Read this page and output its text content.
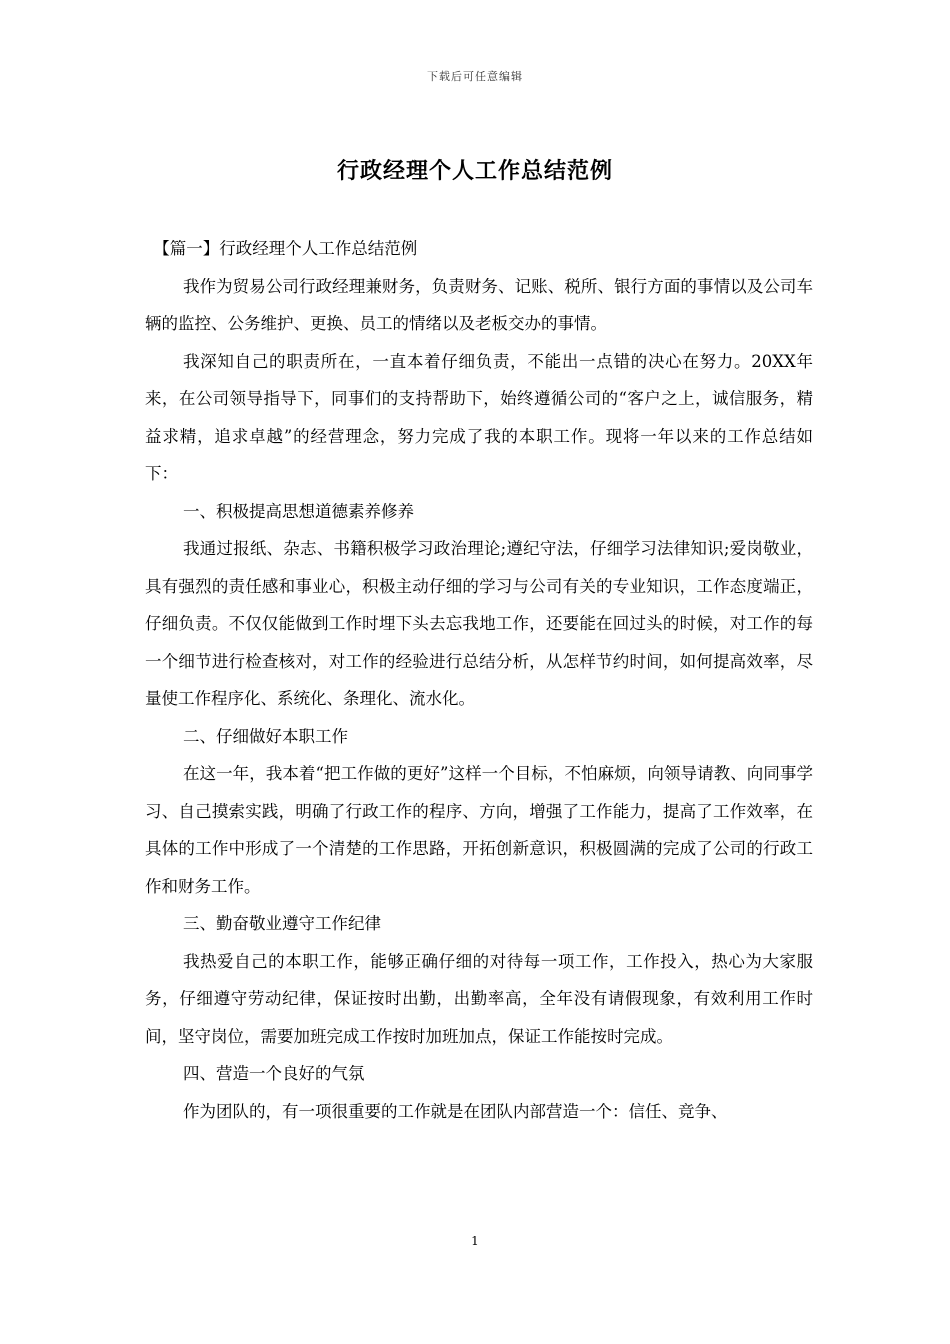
下载后可任意编辑
行政经理个人工作总结范例

【篇一】行政经理个人工作总结范例

我作为贸易公司行政经理兼财务，负责财务、记账、税所、银行方面的事情以及公司车辆的监控、公务维护、更换、员工的情绪以及老板交办的事情。

我深知自己的职责所在，一直本着仔细负责，不能出一点错的决心在努力。20XX年来，在公司领导指导下，同事们的支持帮助下，始终遵循公司的“客户之上，诚信服务，精益求精，追求卓越”的经营理念，努力完成了我的本职工作。现将一年以来的工作总结如下：

一、积极提高思想道德素养修养

我通过报纸、杂志、书籍积极学习政治理论;遵纪守法，仔细学习法律知识;爱岗敬业，具有强烈的责任感和事业心，积极主动仔细的学习与公司有关的专业知识，工作态度端正，仔细负责。不仅仅能做到工作时埋下头去忘我地工作，还要能在回过头的时候，对工作的每一个细节进行检查核对，对工作的经验进行总结分析，从怎样节约时间，如何提高效率，尽量使工作程序化、系统化、条理化、流水化。

二、仔细做好本职工作

在这一年，我本着“把工作做的更好”这样一个目标，不怕麻烦，向领导请教、向同事学习、自己摸索实践，明确了行政工作的程序、方向，增强了工作能力，提高了工作效率，在具体的工作中形成了一个清楚的工作思路，开拓创新意识，积极圆满的完成了公司的行政工作和财务工作。

三、勤奋敬业遵守工作纪律

我热爱自己的本职工作，能够正确仔细的对待每一项工作，工作投入，热心为大家服务，仔细遵守劳动纪律，保证按时出勤，出勤率高，全年没有请假现象，有效利用工作时间，坚守岗位，需要加班完成工作按时加班加点，保证工作能按时完成。

四、营造一个良好的气氛

作为团队的，有一项很重要的工作就是在团队内部营造一个：信任、竞争、

1
